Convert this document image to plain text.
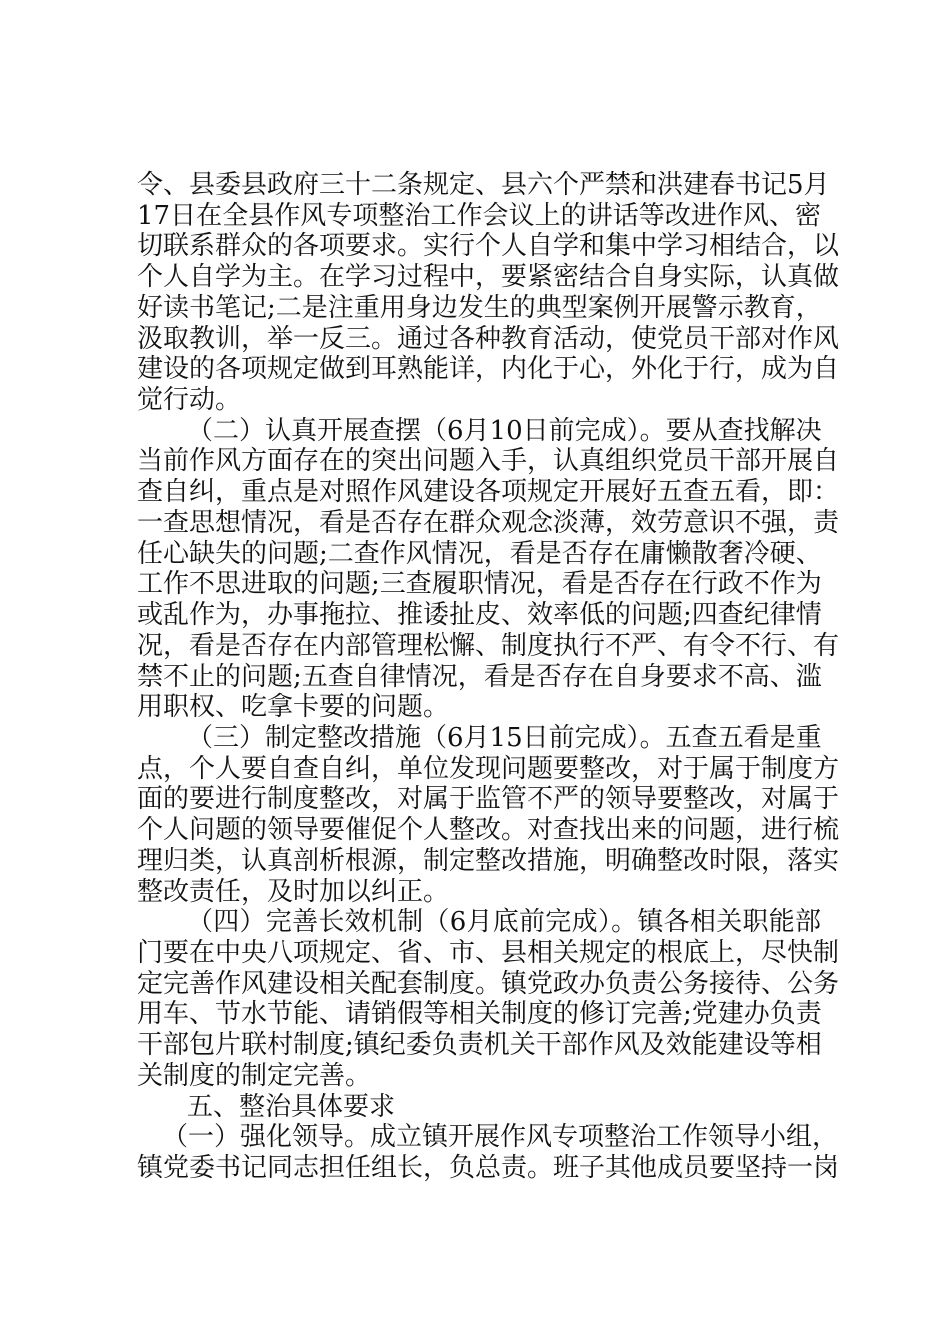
令、县委县政府三十二条规定、县六个严禁和洪建春书记5月
17日在全县作风专项整治工作会议上的讲话等改进作风、密
切联系群众的各项要求。实行个人自学和集中学习相结合，以
个人自学为主。在学习过程中，要紧密结合自身实际，认真做
好读书笔记;二是注重用身边发生的典型案例开展警示教育，
汲取教训，举一反三。通过各种教育活动，使党员干部对作风
建设的各项规定做到耳熟能详，内化于心，外化于行，成为自
觉行动。
（二）认真开展查摆（6月10日前完成）。要从查找解决
当前作风方面存在的突出问题入手，认真组织党员干部开展自
查自纠，重点是对照作风建设各项规定开展好五查五看，即：
一查思想情况，看是否存在群众观念淡薄，效劳意识不强，责
任心缺失的问题;二查作风情况，看是否存在庸懒散奢冷硬、
工作不思进取的问题;三查履职情况，看是否存在行政不作为
或乱作为，办事拖拉、推诿扯皮、效率低的问题;四查纪律情
况，看是否存在内部管理松懈、制度执行不严、有令不行、有
禁不止的问题;五查自律情况，看是否存在自身要求不高、滥
用职权、吃拿卡要的问题。
（三）制定整改措施（6月15日前完成）。五查五看是重
点，个人要自查自纠，单位发现问题要整改，对于属于制度方
面的要进行制度整改，对属于监管不严的领导要整改，对属于
个人问题的领导要催促个人整改。对查找出来的问题，进行梳
理归类，认真剖析根源，制定整改措施，明确整改时限，落实
整改责任，及时加以纠正。
（四）完善长效机制（6月底前完成）。镇各相关职能部
门要在中央八项规定、省、市、县相关规定的根底上，尽快制
定完善作风建设相关配套制度。镇党政办负责公务接待、公务
用车、节水节能、请销假等相关制度的修订完善;党建办负责
干部包片联村制度;镇纪委负责机关干部作风及效能建设等相
关制度的制定完善。
五、整治具体要求
（一）强化领导。成立镇开展作风专项整治工作领导小组，
镇党委书记同志担任组长，负总责。班子其他成员要坚持一岗
